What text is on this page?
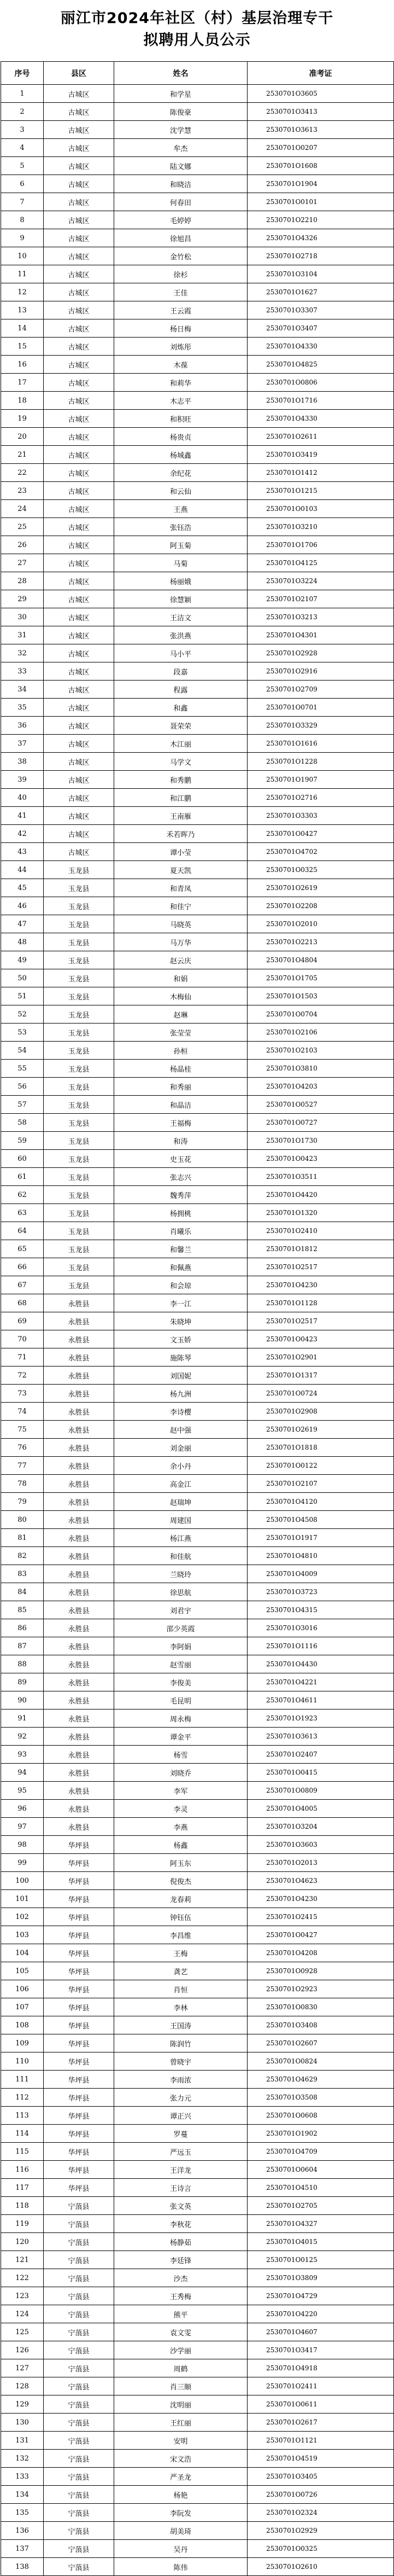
丽江市2024年社区（村）基层治理专干
拟聘用人员公示
序号	县区	姓名	准考证
1	古城区	和学星	2530701O3605
2	古城区	陈俊豪	2530701O3413
3	古城区	沈学慧	2530701O3613
4	古城区	牟杰	2530701O0207
5	古城区	陆文娜	2530701O1608
6	古城区	和晓洁	2530701O1904
7	古城区	何春田	2530701O0101
8	古城区	毛婷婷	2530701O2210
9	古城区	徐旭昌	2530701O4326
10	古城区	金竹松	2530701O2718
11	古城区	徐杉	2530701O3104
12	古城区	王佳	2530701O1627
13	古城区	王云霞	2530701O3307
14	古城区	杨日梅	2530701O3407
15	古城区	刘炼彤	2530701O4330
16	古城区	木葆	2530701O4825
17	古城区	和莉华	2530701O0806
18	古城区	木志平	2530701O1716
19	古城区	和积旺	2530701O4330
20	古城区	杨贵贞	2530701O2611
21	古城区	杨城鑫	2530701O3419
22	古城区	余纪花	2530701O1412
23	古城区	和云仙	2530701O1215
24	古城区	王燕	2530701O0103
25	古城区	张钰浩	2530701O3210
26	古城区	阿玉菊	2530701O1706
27	古城区	马菊	2530701O4125
28	古城区	杨丽娥	2530701O3224
29	古城区	徐慧颖	2530701O2107
30	古城区	王洁文	2530701O3213
31	古城区	张洪燕	2530701O4301
32	古城区	马小平	2530701O2928
33	古城区	段嘉	2530701O2916
34	古城区	程露	2530701O2709
35	古城区	和鑫	2530701O0701
36	古城区	聂荣荣	2530701O3329
37	古城区	木江丽	2530701O1616
38	古城区	马学文	2530701O1228
39	古城区	和秀鹏	2530701O1907
40	古城区	和江鹏	2530701O2716
41	古城区	王南雁	2530701O3303
42	古城区	禾若晖乃	2530701O0427
43	古城区	谭小莹	2530701O4702
44	玉龙县	夏天凯	2530701O0325
45	玉龙县	和青凤	2530701O2619
46	玉龙县	和佳宁	2530701O2208
47	玉龙县	马晓英	2530701O2010
48	玉龙县	马万华	2530701O2213
49	玉龙县	赵云庆	2530701O4804
50	玉龙县	和娟	2530701O1705
51	玉龙县	木梅仙	2530701O1503
52	玉龙县	赵琳	2530701O0704
53	玉龙县	张莹莹	2530701O2106
54	玉龙县	孙桓	2530701O2103
55	玉龙县	杨晶桂	2530701O3810
56	玉龙县	和秀丽	2530701O4203
57	玉龙县	和晶洁	2530701O0527
58	玉龙县	王福梅	2530701O0727
59	玉龙县	和涛	2530701O1730
60	玉龙县	史玉花	2530701O0423
61	玉龙县	张志兴	2530701O3511
62	玉龙县	魏秀萍	2530701O4420
63	玉龙县	杨拥桃	2530701O1320
64	玉龙县	肖曦乐	2530701O2410
65	玉龙县	和馨兰	2530701O1812
66	玉龙县	和佩燕	2530701O2517
67	玉龙县	和会琼	2530701O4230
68	永胜县	李一江	2530701O1128
69	永胜县	朱晓坤	2530701O2517
70	永胜县	文玉娇	2530701O0423
71	永胜县	施陈琴	2530701O2901
72	永胜县	刘国妮	2530701O1317
73	永胜县	杨九洲	2530701O0724
74	永胜县	李诗樱	2530701O2908
75	永胜县	赵中强	2530701O2619
76	永胜县	刘金丽	2530701O1818
77	永胜县	余小丹	2530701O0122
78	永胜县	高金江	2530701O2107
79	永胜县	赵瑞坤	2530701O4120
80	永胜县	周建国	2530701O4508
81	永胜县	杨江燕	2530701O1917
82	永胜县	和佳航	2530701O4810
83	永胜县	兰晓玲	2530701O4009
84	永胜县	徐思航	2530701O3723
85	永胜县	刘君宇	2530701O4315
86	永胜县	邵少英霞	2530701O3016
87	永胜县	李阿娟	2530701O1116
88	永胜县	赵雪丽	2530701O4430
89	永胜县	李俊美	2530701O4221
90	永胜县	毛昆明	2530701O4611
91	永胜县	周永梅	2530701O1923
92	永胜县	谭金平	2530701O3613
93	永胜县	杨雪	2530701O2407
94	永胜县	刘晓乔	2530701O0415
95	永胜县	李军	2530701O0809
96	永胜县	李灵	2530701O4005
97	永胜县	李燕	2530701O3204
98	华坪县	杨鑫	2530701O3603
99	华坪县	阿玉东	2530701O2013
100	华坪县	倪俊杰	2530701O4623
101	华坪县	龙春莉	2530701O4230
102	华坪县	钟钰伍	2530701O2415
103	华坪县	李昌维	2530701O0427
104	华坪县	王梅	2530701O4208
105	华坪县	龚艺	2530701O0928
106	华坪县	肖恒	2530701O2923
107	华坪县	李林	2530701O0830
108	华坪县	王国涛	2530701O3408
109	华坪县	陈润竹	2530701O2607
110	华坪县	曾晓宇	2530701O0824
111	华坪县	李雨浓	2530701O4629
112	华坪县	张力元	2530701O3508
113	华坪县	谭正兴	2530701O0608
114	华坪县	罗蔓	2530701O1902
115	华坪县	严远玉	2530701O4709
116	华坪县	王洋龙	2530701O0604
117	华坪县	王诗言	2530701O4510
118	宁蒗县	张文英	2530701O2705
119	宁蒗县	李秋花	2530701O4327
120	宁蒗县	杨静茹	2530701O4015
121	宁蒗县	李廷锋	2530701O0125
122	宁蒗县	沙杰	2530701O3809
123	宁蒗县	王秀梅	2530701O4729
124	宁蒗县	熊平	2530701O4220
125	宁蒗县	袁文雯	2530701O4607
126	宁蒗县	沙学丽	2530701O3417
127	宁蒗县	周鹤	2530701O4918
128	宁蒗县	肖三顺	2530701O2411
129	宁蒗县	沈明丽	2530701O0611
130	宁蒗县	王红丽	2530701O2617
131	宁蒗县	安明	2530701O1121
132	宁蒗县	宋文浩	2530701O4519
133	宁蒗县	严圣龙	2530701O3405
134	宁蒗县	杨艳	2530701O0726
135	宁蒗县	李阮发	2530701O2324
136	宁蒗县	胡美琦	2530701O2929
137	宁蒗县	吴丹	2530701O0325
138	宁蒗县	陈伟	2530701O2610
